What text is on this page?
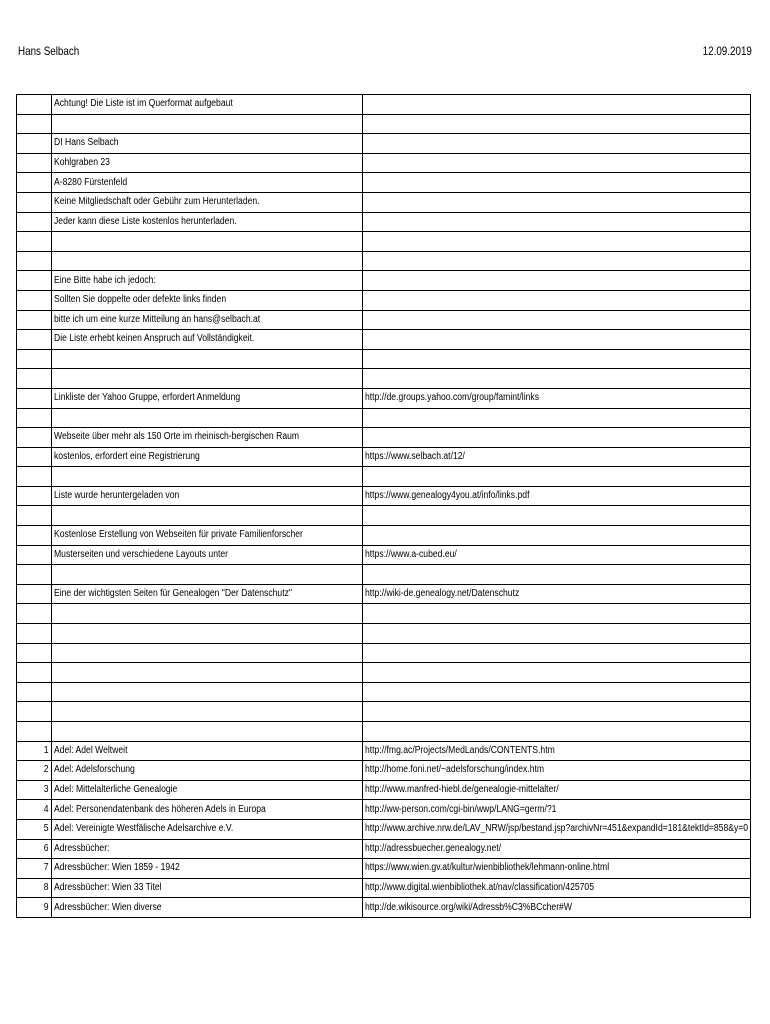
Hans Selbach	12.09.2019
	Achtung! Die Liste ist im Querformat aufgebaut	

	DI Hans Selbach	
	Kohlgraben 23	
	A-8280 Fürstenfeld	
	Keine Mitgliedschaft oder Gebühr zum Herunterladen.	
	Jeder kann diese Liste kostenlos herunterladen.	

	Eine Bitte habe ich jedoch:	
	Sollten Sie doppelte oder defekte links finden	
	bitte ich um eine kurze Mitteilung an hans@selbach.at	
	Die Liste erhebt keinen Anspruch auf Vollständigkeit.	

	Linkliste der Yahoo Gruppe, erfordert Anmeldung	http://de.groups.yahoo.com/group/famint/links

	Webseite über mehr als 150 Orte im rheinisch-bergischen Raum	
	kostenlos, erfordert eine Registrierung	https://www.selbach.at/12/

	Liste wurde heruntergeladen von	https://www.genealogy4you.at/info/links.pdf

	Kostenlose Erstellung von Webseiten für private Familienforscher	
	Musterseiten und verschiedene Layouts unter	https://www.a-cubed.eu/

	Eine der wichtigsten Seiten für Genealogen "Der Datenschutz"	http://wiki-de.genealogy.net/Datenschutz

1	Adel: Adel Weltweit	http://fmg.ac/Projects/MedLands/CONTENTS.htm
2	Adel: Adelsforschung	http://home.foni.net/~adelsforschung/index.htm
3	Adel: Mittelalterliche Genealogie	http://www.manfred-hiebl.de/genealogie-mittelalter/
4	Adel: Personendatenbank des höheren Adels in Europa	http://ww-person.com/cgi-bin/wwp/LANG=germ/?1
5	Adel: Vereinigte Westfälische Adelsarchive e.V.	http://www.archive.nrw.de/LAV_NRW/jsp/bestand.jsp?archivNr=451&expandId=181&tektId=858&y=0
6	Adressbücher:	http://adressbuecher.genealogy.net/
7	Adressbücher: Wien 1859 - 1942	https://www.wien.gv.at/kultur/wienbibliothek/lehmann-online.html
8	Adressbücher: Wien 33 Titel	http://www.digital.wienbibliothek.at/nav/classification/425705
9	Adressbücher: Wien diverse	http://de.wikisource.org/wiki/Adressb%C3%BCcher#W
